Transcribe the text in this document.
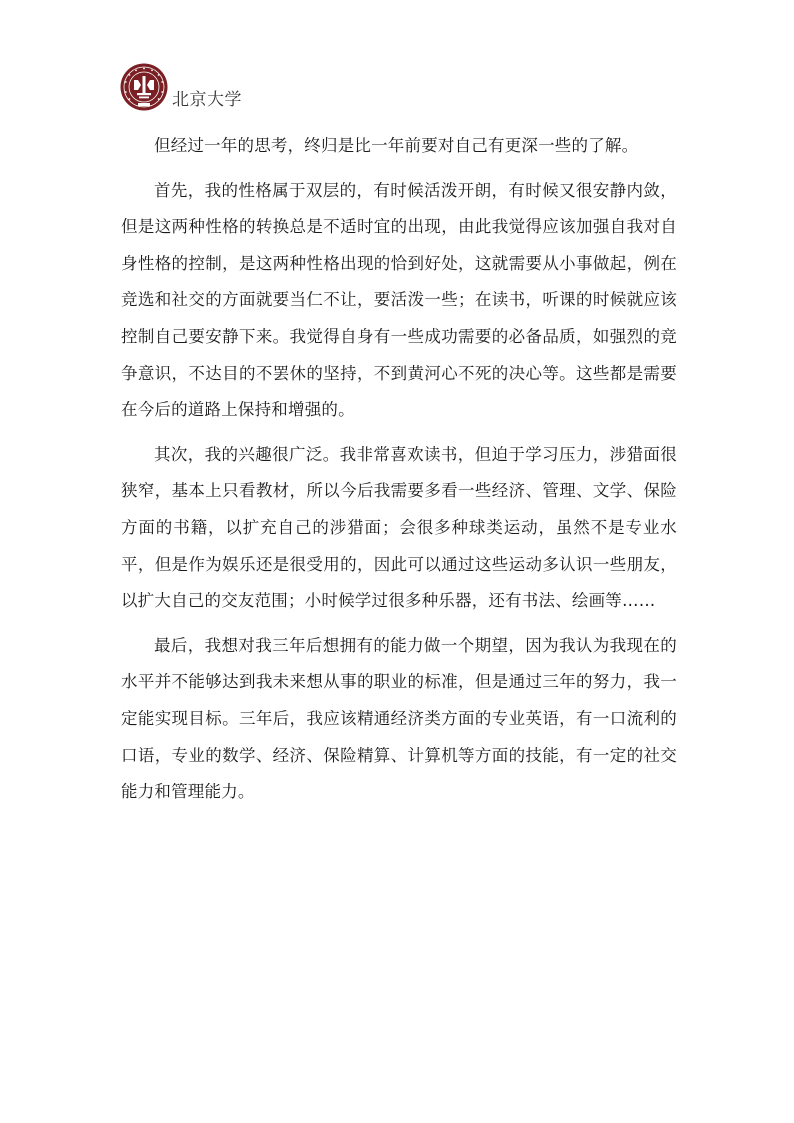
北京大学

但经过一年的思考，终归是比一年前要对自己有更深一些的了解。

首先，我的性格属于双层的，有时候活泼开朗，有时候又很安静内敛，但是这两种性格的转换总是不适时宜的出现，由此我觉得应该加强自我对自身性格的控制，是这两种性格出现的恰到好处，这就需要从小事做起，例在竞选和社交的方面就要当仁不让，要活泼一些；在读书，听课的时候就应该控制自己要安静下来。我觉得自身有一些成功需要的必备品质，如强烈的竞争意识，不达目的不罢休的坚持，不到黄河心不死的决心等。这些都是需要在今后的道路上保持和增强的。

其次，我的兴趣很广泛。我非常喜欢读书，但迫于学习压力，涉猎面很狭窄，基本上只看教材，所以今后我需要多看一些经济、管理、文学、保险方面的书籍，以扩充自己的涉猎面；会很多种球类运动，虽然不是专业水平，但是作为娱乐还是很受用的，因此可以通过这些运动多认识一些朋友，以扩大自己的交友范围；小时候学过很多种乐器，还有书法、绘画等……

最后，我想对我三年后想拥有的能力做一个期望，因为我认为我现在的水平并不能够达到我未来想从事的职业的标准，但是通过三年的努力，我一定能实现目标。三年后，我应该精通经济类方面的专业英语，有一口流利的口语，专业的数学、经济、保险精算、计算机等方面的技能，有一定的社交能力和管理能力。
